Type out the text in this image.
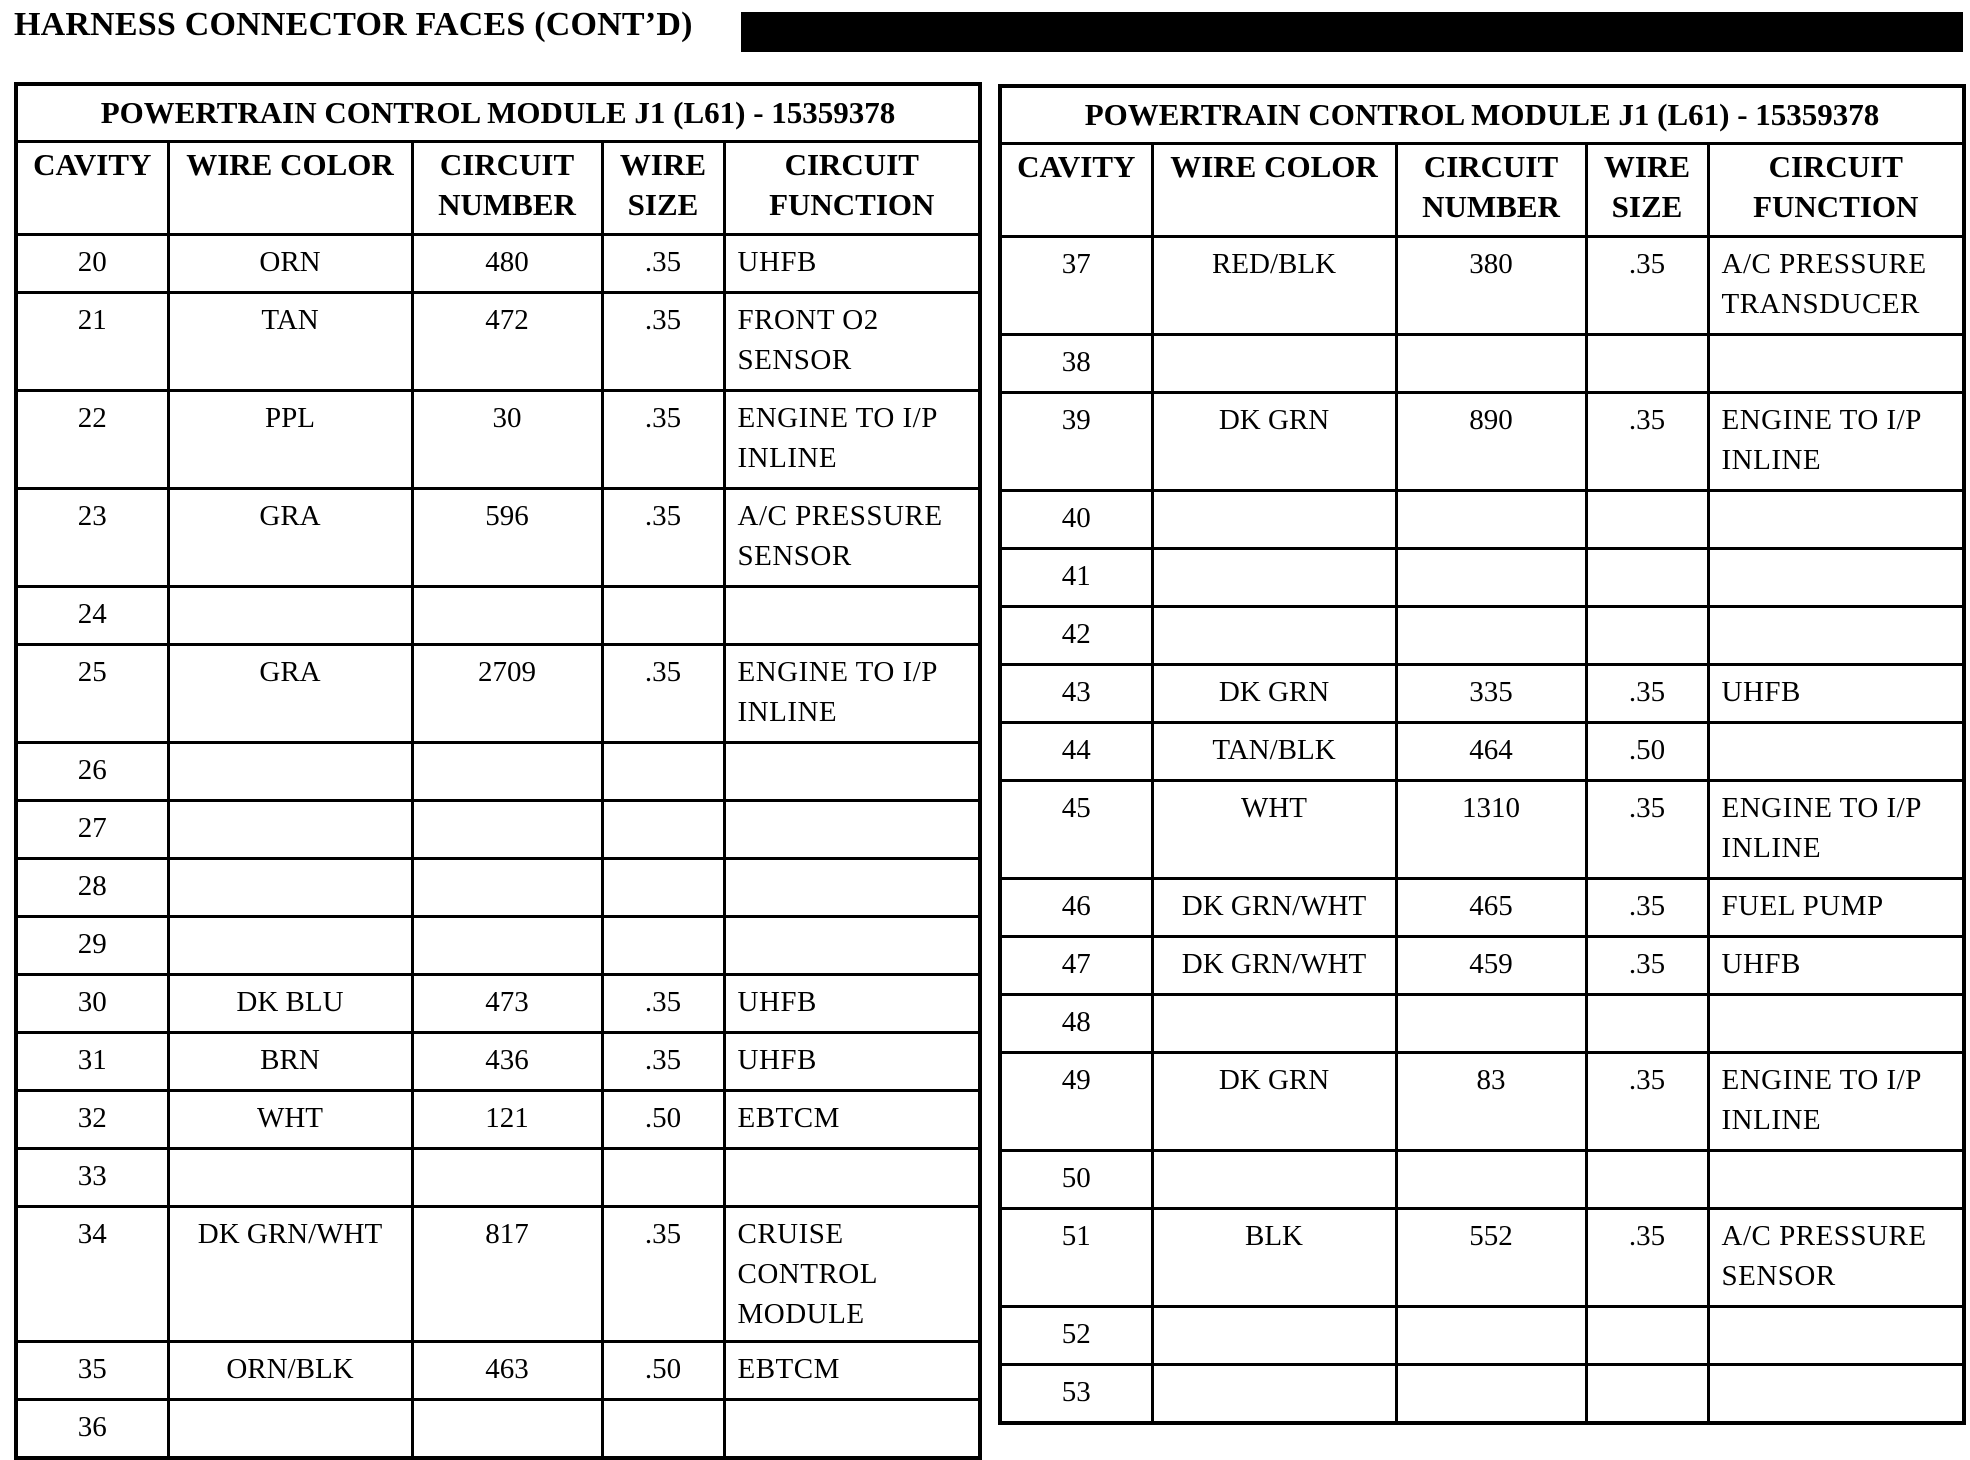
HARNESS CONNECTOR FACES (CONT’D)
POWERTRAIN CONTROL MODULE J1 (L61) - 15359378				
CAVITY	WIRE COLOR	CIRCUIT NUMBER	WIRE SIZE	CIRCUIT FUNCTION
20	ORN	480	.35	UHFB
21	TAN	472	.35	FRONT O2 SENSOR
22	PPL	30	.35	ENGINE TO I/P INLINE
23	GRA	596	.35	A/C PRESSURE SENSOR
24				
25	GRA	2709	.35	ENGINE TO I/P INLINE
26				
27				
28				
29				
30	DK BLU	473	.35	UHFB
31	BRN	436	.35	UHFB
32	WHT	121	.50	EBTCM
33				
34	DK GRN/WHT	817	.35	CRUISE CONTROL MODULE
35	ORN/BLK	463	.50	EBTCM
36				
POWERTRAIN CONTROL MODULE J1 (L61) - 15359378				
CAVITY	WIRE COLOR	CIRCUIT NUMBER	WIRE SIZE	CIRCUIT FUNCTION
37	RED/BLK	380	.35	A/C PRESSURE TRANSDUCER
38				
39	DK GRN	890	.35	ENGINE TO I/P INLINE
40				
41				
42				
43	DK GRN	335	.35	UHFB
44	TAN/BLK	464	.50	
45	WHT	1310	.35	ENGINE TO I/P INLINE
46	DK GRN/WHT	465	.35	FUEL PUMP
47	DK GRN/WHT	459	.35	UHFB
48				
49	DK GRN	83	.35	ENGINE TO I/P INLINE
50				
51	BLK	552	.35	A/C PRESSURE SENSOR
52				
53				
